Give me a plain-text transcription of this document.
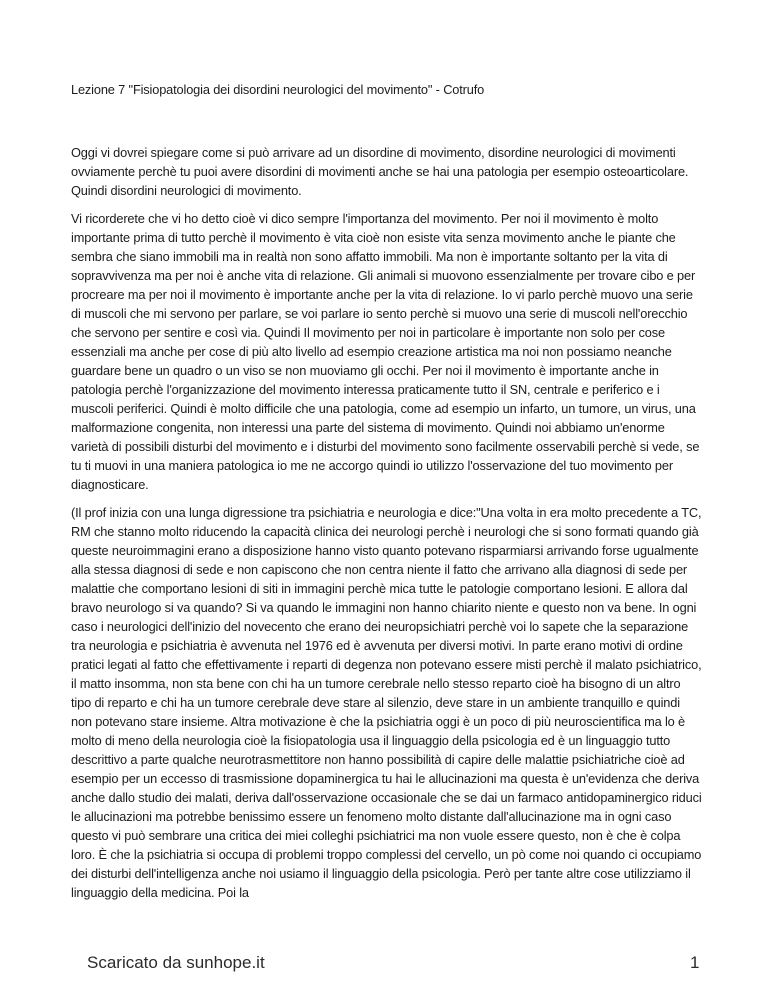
Lezione 7 "Fisiopatologia dei disordini neurologici del movimento" - Cotrufo

Oggi vi dovrei spiegare come si può arrivare ad un disordine di movimento, disordine neurologici di movimenti ovviamente perchè tu puoi avere disordini di movimenti anche se hai una patologia per esempio osteoarticolare.  Quindi disordini neurologici di movimento.

Vi ricorderete che vi ho detto cioè vi dico sempre l'importanza del movimento. Per noi il movimento è molto importante prima di tutto perchè il movimento è vita cioè non esiste vita senza movimento anche le piante che sembra che siano immobili ma in realtà non sono affatto immobili. Ma non è importante soltanto per la vita di sopravvivenza ma per noi è anche vita di relazione. Gli animali si muovono essenzialmente per trovare cibo e per procreare ma per noi il movimento è importante anche per la vita di relazione. Io vi parlo perchè muovo una serie di muscoli che mi servono per parlare, se voi parlare io sento perchè si muovo una serie di muscoli nell'orecchio che servono per sentire e così via. Quindi Il movimento per noi in particolare è importante non solo per cose essenziali ma anche per cose di più alto livello ad esempio creazione artistica ma noi non possiamo neanche guardare bene un quadro o un viso se non muoviamo gli occhi. Per noi il movimento è importante anche in patologia perchè l'organizzazione del movimento interessa praticamente tutto il SN, centrale e periferico e i muscoli periferici. Quindi è molto difficile che una patologia, come ad esempio un infarto, un tumore, un virus, una malformazione congenita, non interessi una parte del sistema di movimento. Quindi noi abbiamo un'enorme varietà di possibili disturbi del movimento e i disturbi del movimento sono facilmente osservabili perchè si vede, se tu ti muovi in una maniera patologica io me ne accorgo quindi io utilizzo l'osservazione del tuo movimento per diagnosticare.

(Il prof inizia con una lunga digressione tra psichiatria e neurologia e dice:"Una volta in era molto precedente a TC, RM che stanno molto riducendo la capacità clinica dei neurologi perchè i neurologi che si sono formati quando già queste neuroimmagini erano a disposizione hanno visto quanto potevano risparmiarsi arrivando forse ugualmente alla stessa diagnosi di sede e non capiscono che non centra niente il fatto che arrivano alla diagnosi di sede per malattie che comportano lesioni di siti in immagini perchè mica tutte le patologie comportano lesioni. E allora dal bravo neurologo si va quando? Si va quando le immagini non hanno chiarito niente e questo non va bene. In ogni caso i neurologici dell'inizio del novecento che erano dei neuropsichiatri perchè voi lo sapete che la separazione tra neurologia e psichiatria è avvenuta nel 1976 ed è avvenuta per diversi motivi. In parte erano motivi di ordine pratici legati al fatto che effettivamente i reparti di degenza non potevano essere misti perchè il malato psichiatrico, il matto insomma, non sta bene con chi ha un tumore cerebrale nello stesso reparto cioè ha bisogno di un altro tipo di reparto e chi ha un tumore cerebrale deve stare al silenzio, deve stare in un ambiente tranquillo e quindi non potevano stare insieme. Altra motivazione è che la psichiatria oggi è un poco di più neuroscientifica ma lo è molto di meno della neurologia cioè la fisiopatologia usa il linguaggio della psicologia ed è un linguaggio tutto descrittivo a parte qualche neurotrasmettitore non hanno possibilità di capire delle malattie psichiatriche cioè ad esempio per un eccesso di trasmissione dopaminergica tu hai le allucinazioni ma questa è un'evidenza che deriva anche dallo studio dei malati, deriva dall'osservazione occasionale che se dai un farmaco antidopaminergico riduci le allucinazioni ma potrebbe benissimo essere un fenomeno molto distante dall'allucinazione ma in ogni caso questo vi può sembrare una critica dei miei colleghi psichiatrici ma non vuole essere questo, non è che è colpa loro. È che la psichiatria si occupa di problemi troppo complessi del cervello, un pò come noi quando ci occupiamo dei disturbi dell'intelligenza anche noi usiamo il linguaggio della psicologia. Però per tante altre cose utilizziamo il linguaggio della medicina. Poi la

Scaricato da sunhope.it	1
